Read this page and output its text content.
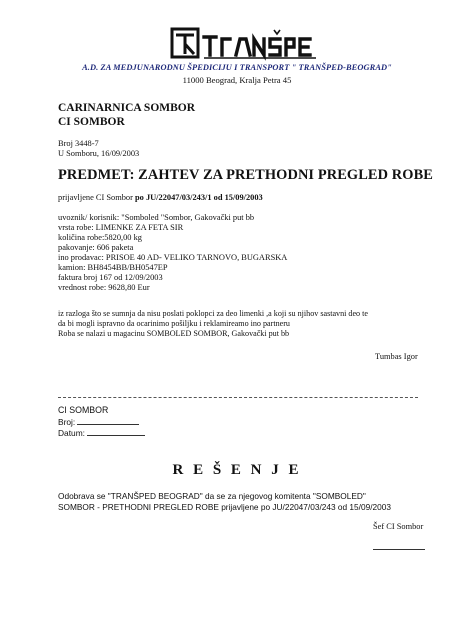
A.D. ZA MEDJUNARODNU ŠPEDICIJU I TRANSPORT " TRANŠPED-BEOGRAD"
11000 Beograd, Kralja Petra 45
CARINARNICA SOMBOR
CI SOMBOR
Broj 3448-7
U Somboru, 16/09/2003
PREDMET: ZAHTEV ZA PRETHODNI PREGLED ROBE
prijavljene CI Sombor po JU/22047/03/243/1 od 15/09/2003
uvoznik/ korisnik: "Somboled "Sombor, Gakovački put bb
vrsta robe: LIMENKE ZA FETA SIR
količina robe:5820,00 kg
pakovanje: 606 paketa
ino prodavac: PRISOE 40 AD- VELIKO TARNOVO, BUGARSKA
kamion: BH8454BB/BH0547EP
faktura broj 167 od 12/09/2003
vrednost robe: 9628,80 Eur
iz razloga što se sumnja da nisu poslati poklopci za deo limenki ,a koji su njihov sastavni deo te
da bi mogli ispravno da ocarinimo pošiljku i reklamireamo ino partneru
Roba se nalazi u magacinu SOMBOLED SOMBOR, Gakovački put bb
Tumbas Igor
CI SOMBOR
Broj:
Datum:
R E Š E N J E
Odobrava se "TRANŠPED BEOGRAD" da se za njegovog komitenta "SOMBOLED"
SOMBOR - PRETHODNI PREGLED ROBE prijavljene po JU/22047/03/243 od 15/09/2003
Šef CI Sombor
